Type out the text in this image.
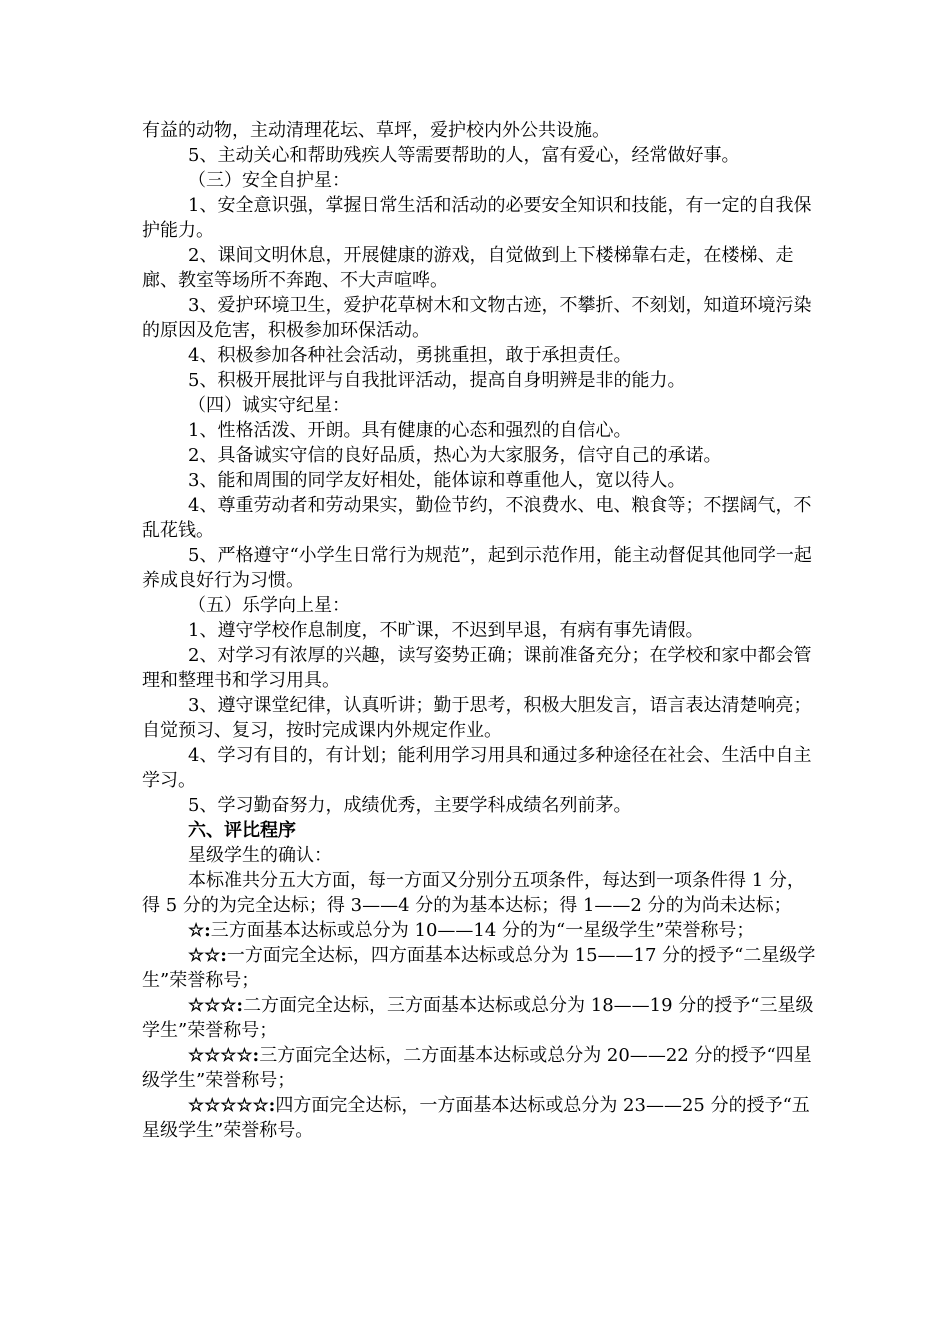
有益的动物，主动清理花坛、草坪，爱护校内外公共设施。

5、主动关心和帮助残疾人等需要帮助的人，富有爱心，经常做好事。

（三）安全自护星：

1、安全意识强，掌握日常生活和活动的必要安全知识和技能，有一定的自我保护能力。

2、课间文明休息，开展健康的游戏，自觉做到上下楼梯靠右走，在楼梯、走廊、教室等场所不奔跑、不大声喧哗。

3、爱护环境卫生，爱护花草树木和文物古迹，不攀折、不刻划，知道环境污染的原因及危害，积极参加环保活动。

4、积极参加各种社会活动，勇挑重担，敢于承担责任。

5、积极开展批评与自我批评活动，提高自身明辨是非的能力。

（四）诚实守纪星：

1、性格活泼、开朗。具有健康的心态和强烈的自信心。

2、具备诚实守信的良好品质，热心为大家服务，信守自己的承诺。

3、能和周围的同学友好相处，能体谅和尊重他人，宽以待人。

4、尊重劳动者和劳动果实，勤俭节约，不浪费水、电、粮食等；不摆阔气，不乱花钱。

5、严格遵守“小学生日常行为规范”，起到示范作用，能主动督促其他同学一起养成良好行为习惯。

（五）乐学向上星：

1、遵守学校作息制度，不旷课，不迟到早退，有病有事先请假。

2、对学习有浓厚的兴趣，读写姿势正确；课前准备充分；在学校和家中都会管理和整理书和学习用具。

3、遵守课堂纪律，认真听讲；勤于思考，积极大胆发言，语言表达清楚响亮；自觉预习、复习，按时完成课内外规定作业。

4、学习有目的，有计划；能利用学习用具和通过多种途径在社会、生活中自主学习。

5、学习勤奋努力，成绩优秀，主要学科成绩名列前茅。

六、评比程序

星级学生的确认：

本标准共分五大方面，每一方面又分别分五项条件，每达到一项条件得 1 分，得 5 分的为完全达标；得 3——4 分的为基本达标；得 1——2 分的为尚未达标；

☆:三方面基本达标或总分为 10——14 分的为“一星级学生”荣誉称号；

☆☆:一方面完全达标，四方面基本达标或总分为 15——17 分的授予“二星级学生”荣誉称号；

☆☆☆:二方面完全达标，三方面基本达标或总分为 18——19 分的授予“三星级学生”荣誉称号；

☆☆☆☆:三方面完全达标，二方面基本达标或总分为 20——22 分的授予“四星级学生”荣誉称号；

☆☆☆☆☆:四方面完全达标，一方面基本达标或总分为 23——25 分的授予“五星级学生”荣誉称号。
